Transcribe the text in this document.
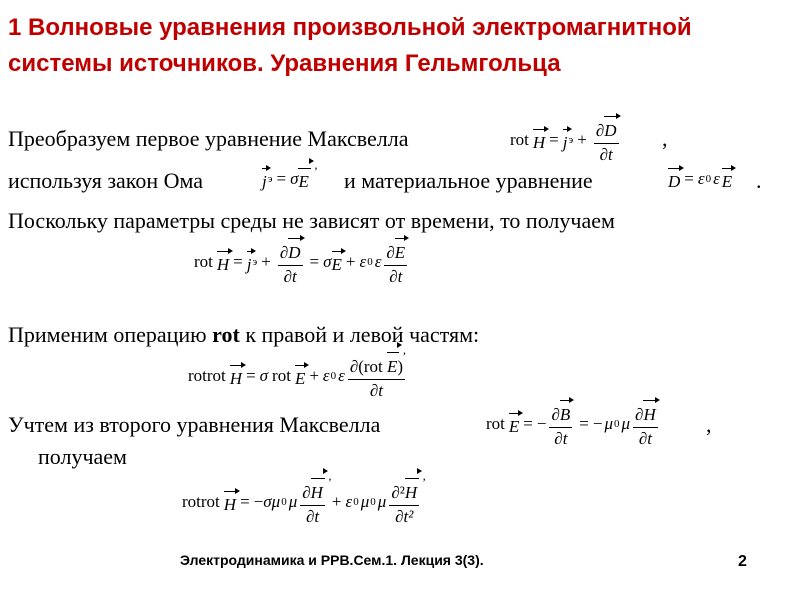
1 Волновые уравнения произвольной электромагнитной системы источников. Уравнения Гельмгольца
Преобразуем первое уравнение Максвелла	rot H = j $э + \frac{\partial D}{\partial t}$ ,
используя закон Ома	j э = σ E ’ и материальное уравнение	D = ε 0 ε E .
Поскольку параметры среды не зависят от времени, то получаем
rot H = j $э + \frac{\partial D}{\partial t} = \sigma$ E + ε 0 ε $\frac{\partial E}{\partial t}$
Применим операцию rot к правой и левой частям:
rotrot H = σ rot E + ε 0 ε $\frac{\text{∂(rot E ’)}}{\partial t}$
Учтем из второго уравнения Максвелла	rot E = − $\frac{\partial B}{\partial t}$ = − μ 0 μ $\frac{\partial H}{\partial t}$ ,
получаем
rotrot H = − σ μ 0 μ $\frac{\partial H ’}{\partial t} + \varepsilon$ 0 μ 0 μ $\frac{\text{∂²H ’}}{\text{∂t²}}$
Электродинамика и РРВ.Сем.1. Лекция 3(3).	2
